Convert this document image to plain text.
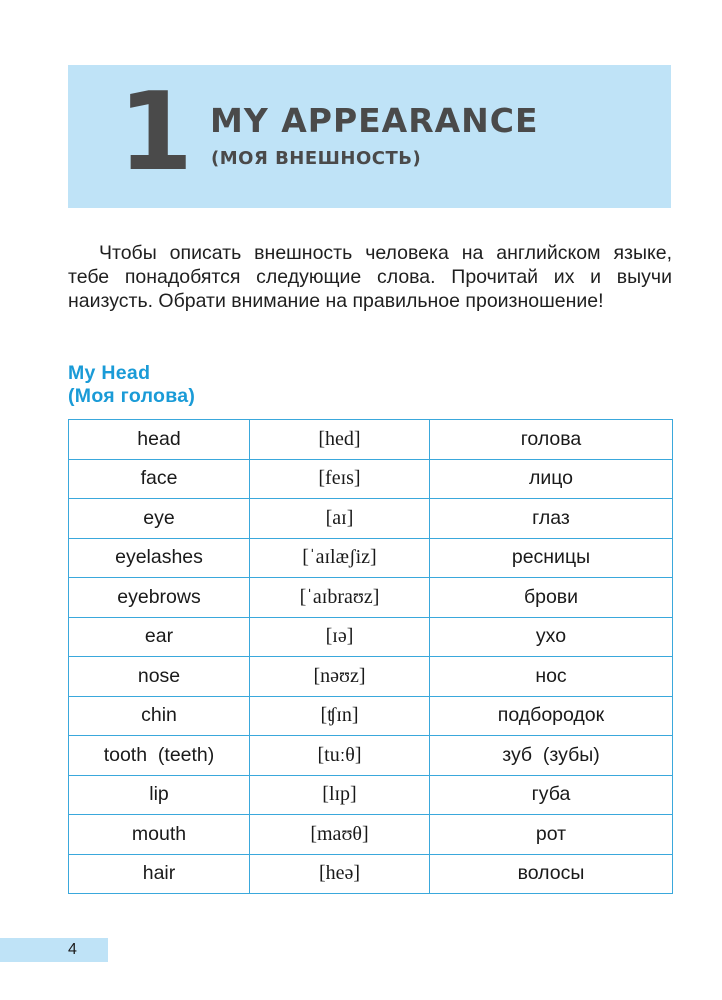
1 MY APPEARANCE
(МОЯ ВНЕШНОСТЬ)

Чтобы описать внешность человека на английском языке, тебе понадобятся следующие слова. Прочитай их и выучи наизусть. Обрати внимание на правильное произношение!

My Head
(Моя голова)
head	[hed]	голова
face	[feɪs]	лицо
eye	[aɪ]	глаз
eyelashes	[ˈaɪlæʃiz]	ресницы
eyebrows	[ˈaɪbraʊz]	брови
ear	[ɪə]	ухо
nose	[nəʊz]	нос
chin	[ʧɪn]	подбородок
tooth  (teeth)	[tuːθ]	зуб  (зубы)
lip	[lɪp]	губа
mouth	[maʊθ]	рот
hair	[heə]	волосы
4
